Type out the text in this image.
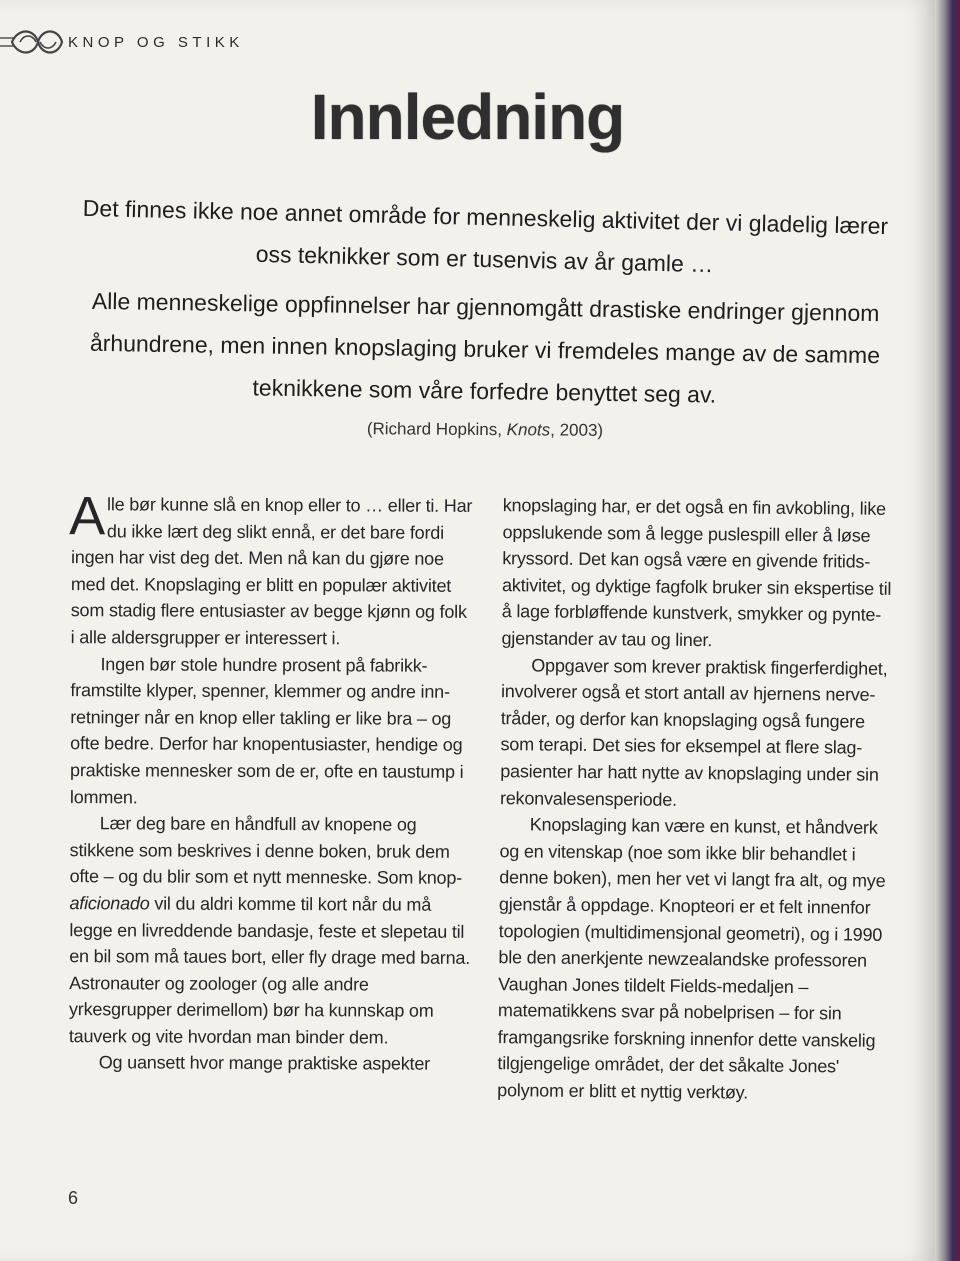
KNOP OG STIKK
Innledning

Det finnes ikke noe annet område for menneskelig aktivitet der vi gladelig lærer oss teknikker som er tusenvis av år gamle …

Alle menneskelige oppfinnelser har gjennomgått drastiske endringer gjennom århundrene, men innen knopslaging bruker vi fremdeles mange av de samme teknikkene som våre forfedre benyttet seg av.

(Richard Hopkins, Knots, 2003)

Alle bør kunne slå en knop eller to … eller ti. Har du ikke lært deg slikt ennå, er det bare fordi ingen har vist deg det. Men nå kan du gjøre noe med det. Knopslaging er blitt en populær aktivitet som stadig flere entusiaster av begge kjønn og folk i alle aldersgrupper er interessert i.

Ingen bør stole hundre prosent på fabrikkframstilte klyper, spenner, klemmer og andre innretninger når en knop eller takling er like bra – og ofte bedre. Derfor har knopentusiaster, hendige og praktiske mennesker som de er, ofte en taustump i lommen.

Lær deg bare en håndfull av knopene og stikkene som beskrives i denne boken, bruk dem ofte – og du blir som et nytt menneske. Som knop-aficionado vil du aldri komme til kort når du må legge en livreddende bandasje, feste et slepetau til en bil som må taues bort, eller fly drage med barna. Astronauter og zoologer (og alle andre yrkesgrupper derimellom) bør ha kunnskap om tauverk og vite hvordan man binder dem.

Og uansett hvor mange praktiske aspekter

knopslaging har, er det også en fin avkobling, like oppslukende som å legge puslespill eller å løse kryssord. Det kan også være en givende fritidsaktivitet, og dyktige fagfolk bruker sin ekspertise til å lage forbløffende kunstverk, smykker og pyntegjenstander av tau og liner.

Oppgaver som krever praktisk fingerferdighet, involverer også et stort antall av hjernens nervetråder, og derfor kan knopslaging også fungere som terapi. Det sies for eksempel at flere slagpasienter har hatt nytte av knopslaging under sin rekonvalesensperiode.

Knopslaging kan være en kunst, et håndverk og en vitenskap (noe som ikke blir behandlet i denne boken), men her vet vi langt fra alt, og mye gjenstår å oppdage. Knopteori er et felt innenfor topologien (multidimensjonal geometri), og i 1990 ble den anerkjente newzealandske professoren Vaughan Jones tildelt Fields-medaljen – matematikkens svar på nobelprisen – for sin framgangsrike forskning innenfor dette vanskelig tilgjengelige området, der det såkalte Jones' polynom er blitt et nyttig verktøy.

6
